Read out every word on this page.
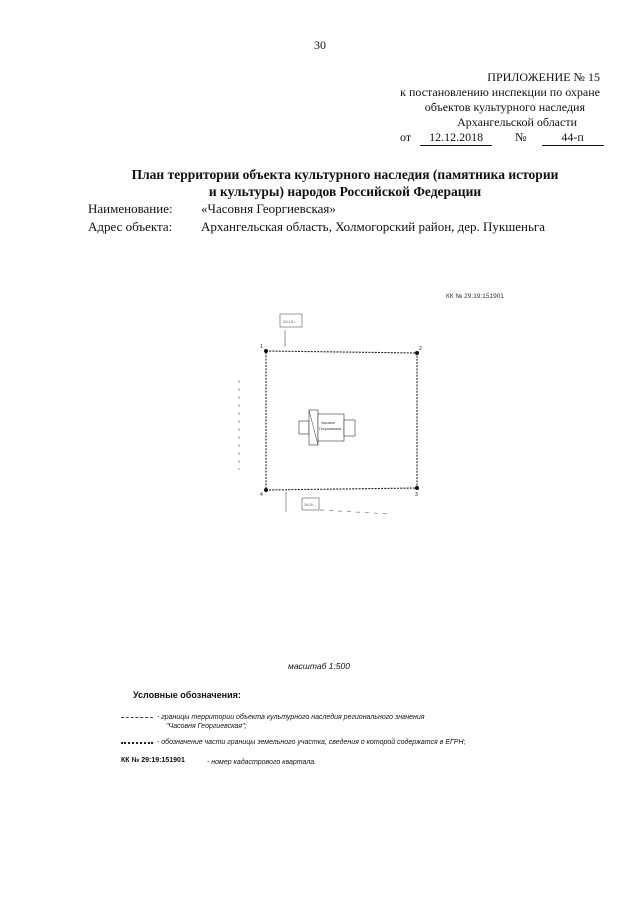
30
ПРИЛОЖЕНИЕ № 15
к постановлению инспекции по охране
объектов культурного наследия
Архангельской области
от 12.12.2018	№	44-п
План территории объекта культурного наследия (памятника истории
и культуры) народов Российской Федерации
Наименование: «Часовня Георгиевская»
Адрес объекта: Архангельская область, Холмогорский район, дер. Пукшеньга
КК № 29:19:151901
29:19:...
1	2
3
4
Часовня
Георгиевская
29:19:...
масштаб 1:500
Условные обозначения:
- границы территории объекта культурного наследия регионального значения
"Часовня Георгиевская";
- обозначение части границы земельного участка, сведения о которой содержатся в ЕГРН;
КК № 29:19:151901	- номер кадастрового квартала.
